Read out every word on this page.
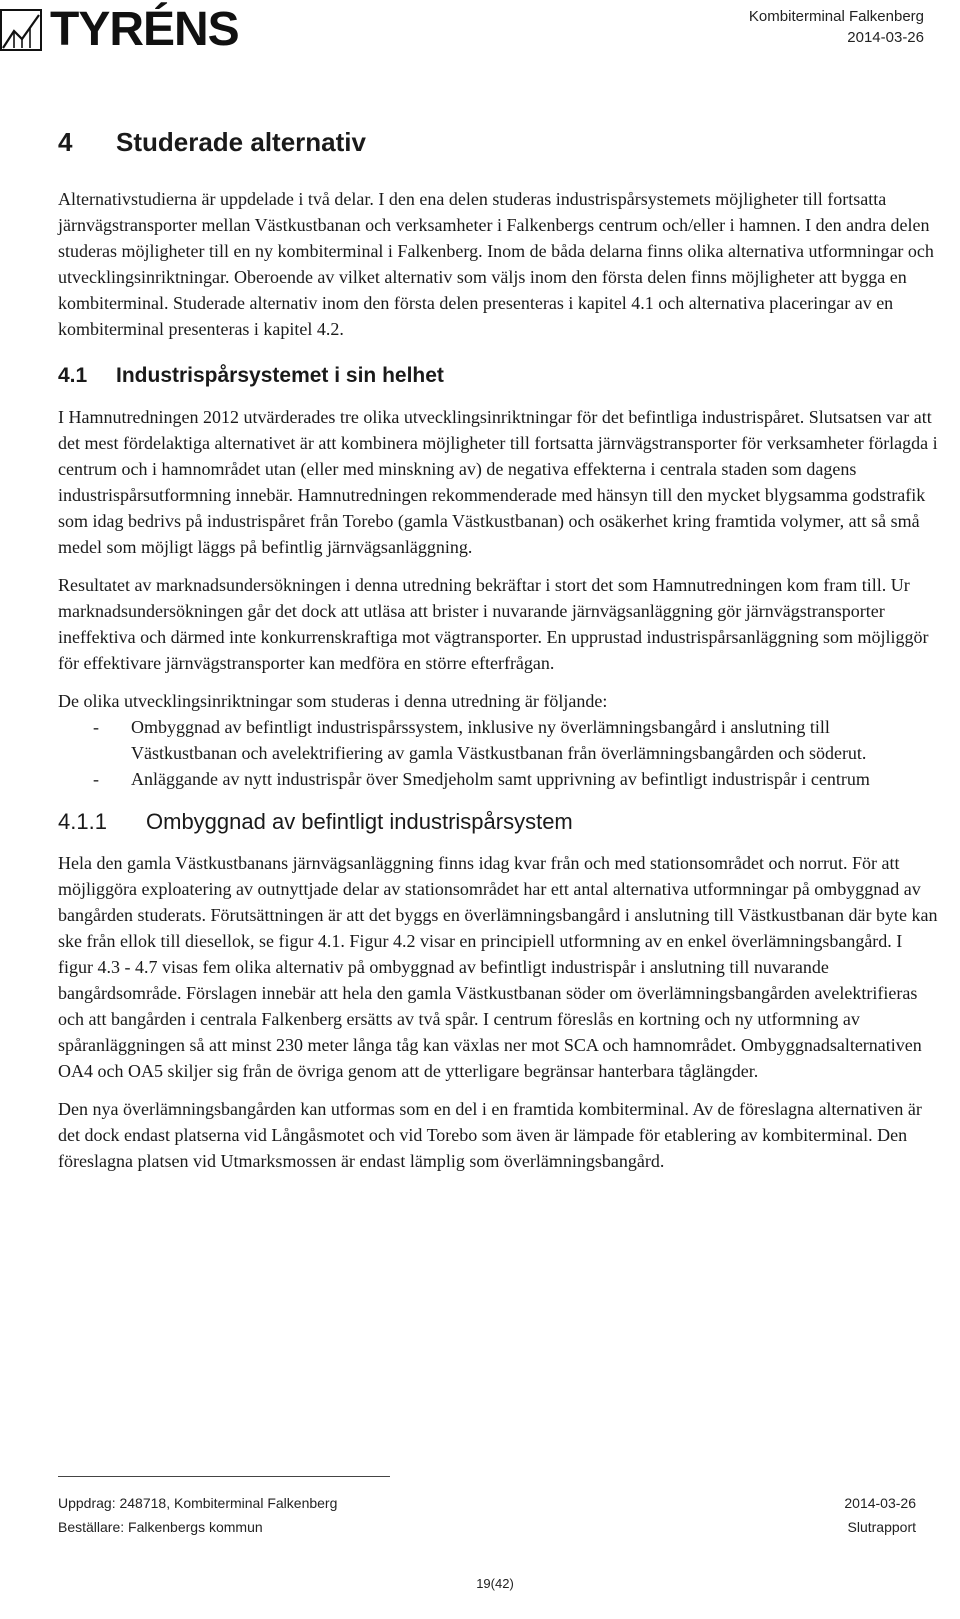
TYRÉNS	Kombiterminal Falkenberg
2014-03-26
4 Studerade alternativ

Alternativstudierna är uppdelade i två delar. I den ena delen studeras industrispårsystemets möjligheter till fortsatta järnvägstransporter mellan Västkustbanan och verksamheter i Falkenbergs centrum och/eller i hamnen. I den andra delen studeras möjligheter till en ny kombiterminal i Falkenberg. Inom de båda delarna finns olika alternativa utformningar och utvecklingsinriktningar. Oberoende av vilket alternativ som väljs inom den första delen finns möjligheter att bygga en kombiterminal. Studerade alternativ inom den första delen presenteras i kapitel 4.1 och alternativa placeringar av en kombiterminal presenteras i kapitel 4.2.

4.1 Industrispårsystemet i sin helhet

I Hamnutredningen 2012 utvärderades tre olika utvecklingsinriktningar för det befintliga industrispåret. Slutsatsen var att det mest fördelaktiga alternativet är att kombinera möjligheter till fortsatta järnvägstransporter för verksamheter förlagda i centrum och i hamnområdet utan (eller med minskning av) de negativa effekterna i centrala staden som dagens industrispårsutformning innebär. Hamnutredningen rekommenderade med hänsyn till den mycket blygsamma godstrafik som idag bedrivs på industrispåret från Torebo (gamla Västkustbanan) och osäkerhet kring framtida volymer, att så små medel som möjligt läggs på befintlig järnvägsanläggning.

Resultatet av marknadsundersökningen i denna utredning bekräftar i stort det som Hamnutredningen kom fram till. Ur marknadsundersökningen går det dock att utläsa att brister i nuvarande järnvägsanläggning gör järnvägstransporter ineffektiva och därmed inte konkurrenskraftiga mot vägtransporter. En upprustad industrispårsanläggning som möjliggör för effektivare järnvägstransporter kan medföra en större efterfrågan.

De olika utvecklingsinriktningar som studeras i denna utredning är följande:

- Ombyggnad av befintligt industrispårssystem, inklusive ny överlämningsbangård i anslutning till Västkustbanan och avelektrifiering av gamla Västkustbanan från överlämningsbangården och söderut.
- Anläggande av nytt industrispår över Smedjeholm samt upprivning av befintligt industrispår i centrum
4.1.1 Ombyggnad av befintligt industrispårsystem

Hela den gamla Västkustbanans järnvägsanläggning finns idag kvar från och med stationsområdet och norrut. För att möjliggöra exploatering av outnyttjade delar av stationsområdet har ett antal alternativa utformningar på ombyggnad av bangården studerats. Förutsättningen är att det byggs en överlämningsbangård i anslutning till Västkustbanan där byte kan ske från ellok till diesellok, se figur 4.1. Figur 4.2 visar en principiell utformning av en enkel överlämningsbangård. I figur 4.3 - 4.7 visas fem olika alternativ på ombyggnad av befintligt industrispår i anslutning till nuvarande bangårdsområde. Förslagen innebär att hela den gamla Västkustbanan söder om överlämningsbangården avelektrifieras och att bangården i centrala Falkenberg ersätts av två spår. I centrum föreslås en kortning och ny utformning av spåranläggningen så att minst 230 meter långa tåg kan växlas ner mot SCA och hamnområdet. Ombyggnadsalternativen OA4 och OA5 skiljer sig från de övriga genom att de ytterligare begränsar hanterbara tåglängder.

Den nya överlämningsbangården kan utformas som en del i en framtida kombiterminal. Av de föreslagna alternativen är det dock endast platserna vid Långåsmotet och vid Torebo som även är lämpade för etablering av kombiterminal. Den föreslagna platsen vid Utmarksmossen är endast lämplig som överlämningsbangård.

Uppdrag: 248718, Kombiterminal Falkenberg	2014-03-26
Beställare: Falkenbergs kommun	Slutrapport
19(42)
